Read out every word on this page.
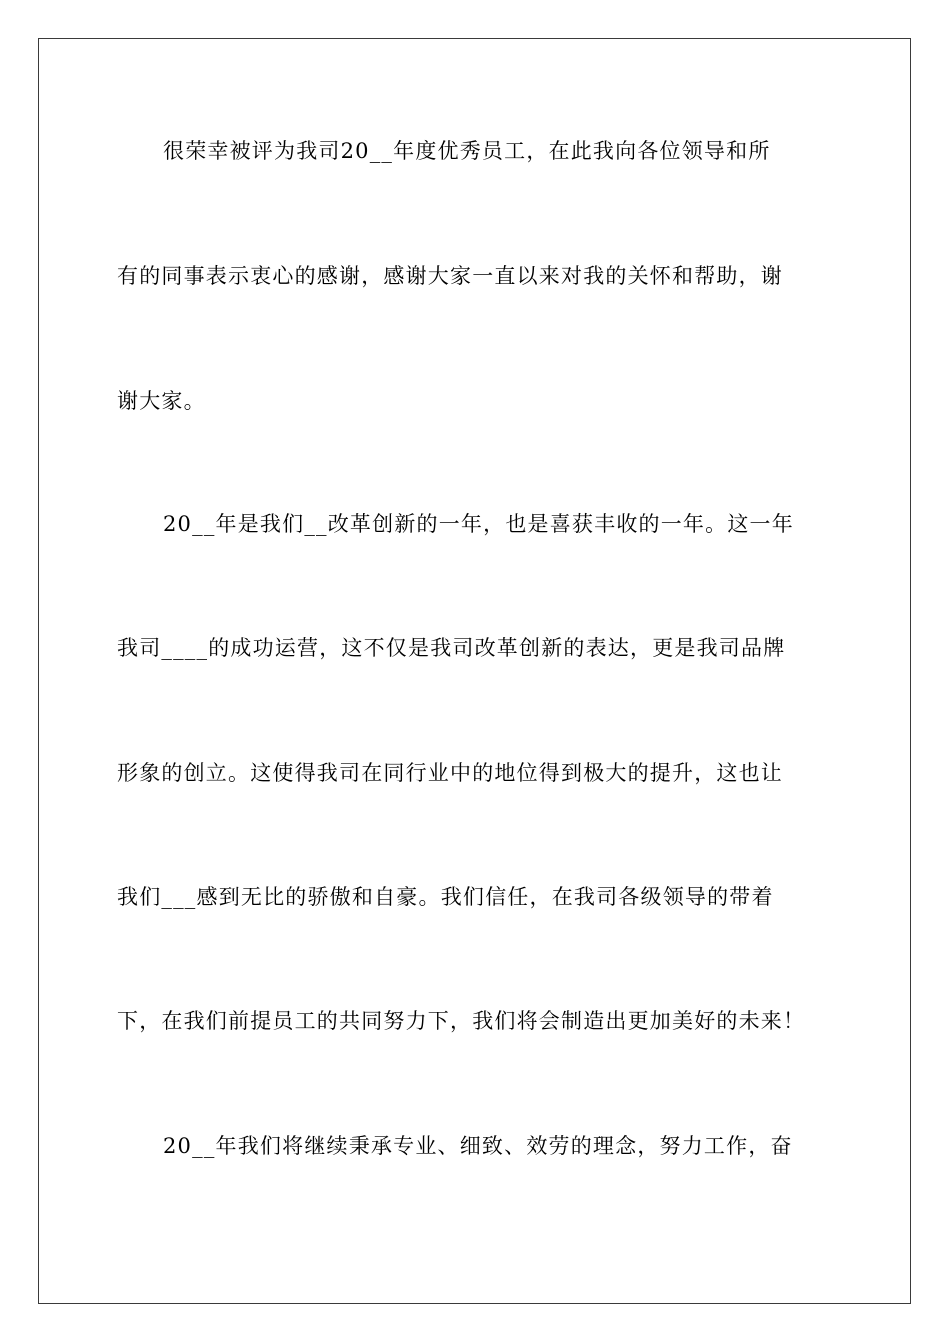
很荣幸被评为我司20__年度优秀员工，在此我向各位领导和所
有的同事表示衷心的感谢，感谢大家一直以来对我的关怀和帮助，谢
谢大家。
20__年是我们__改革创新的一年，也是喜获丰收的一年。这一年
我司____的成功运营，这不仅是我司改革创新的表达，更是我司品牌
形象的创立。这使得我司在同行业中的地位得到极大的提升，这也让
我们___感到无比的骄傲和自豪。我们信任，在我司各级领导的带着
下，在我们前提员工的共同努力下，我们将会制造出更加美好的未来！
20__年我们将继续秉承专业、细致、效劳的理念，努力工作，奋
